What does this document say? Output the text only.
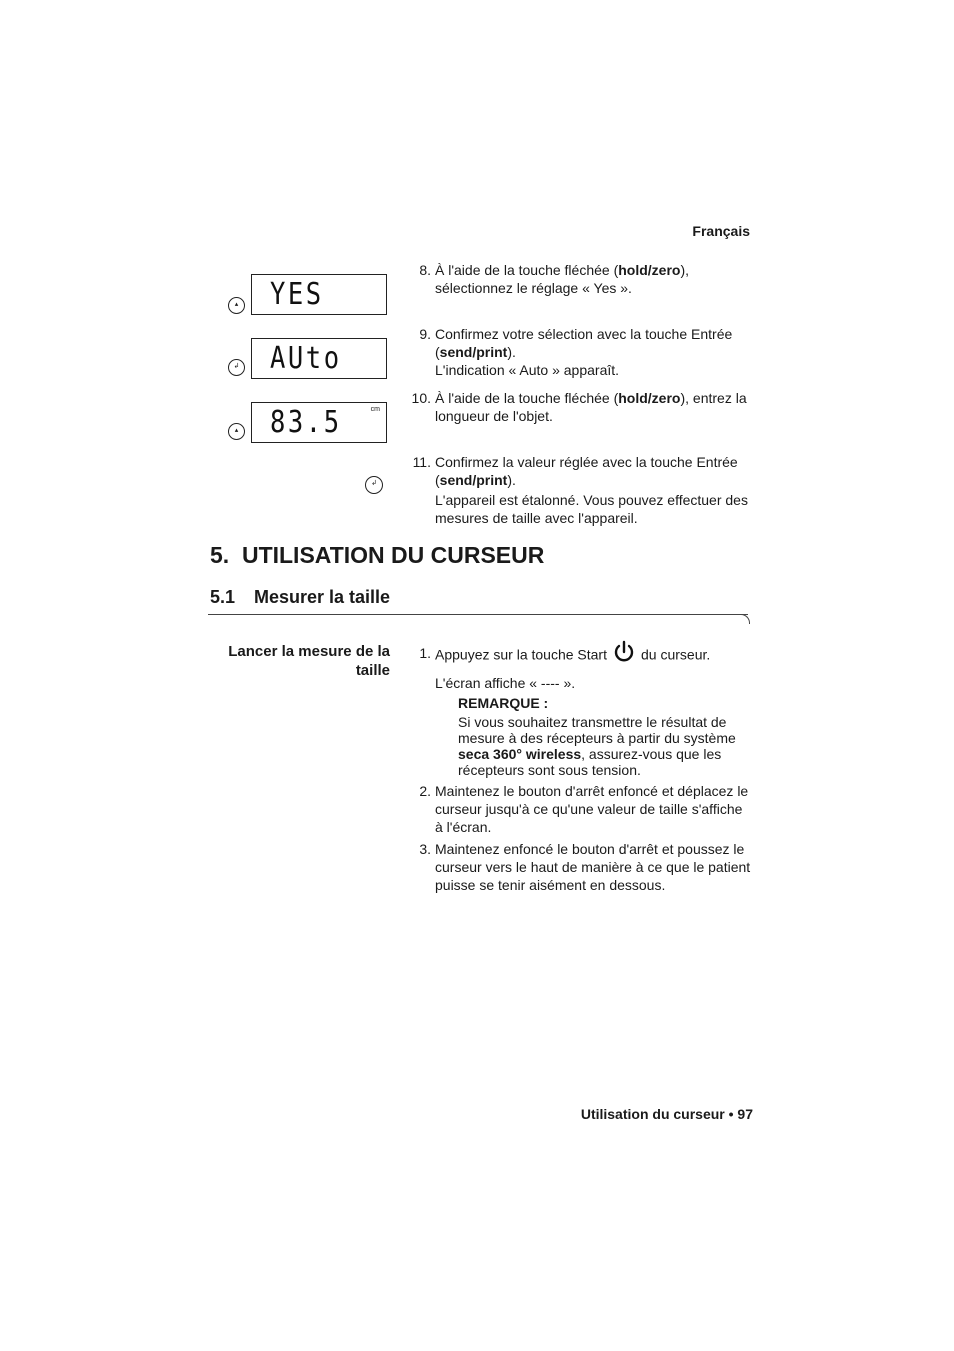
Français
YES
▴
AUto
↲
83.5	cm
▴
↲
8. À l'aide de la touche fléchée (hold/zero), sélectionnez le réglage « Yes ».

9. Confirmez votre sélection avec la touche Entrée (send/print).

L'indication « Auto » apparaît.

10. À l'aide de la touche fléchée (hold/zero), entrez la longueur de l'objet.

11. Confirmez la valeur réglée avec la touche Entrée (send/print).

L'appareil est étalonné. Vous pouvez effectuer des mesures de taille avec l'appareil.

5.  UTILISATION DU CURSEUR
5.1 Mesurer la taille
Lancer la mesure de la taille
1. Appuyez sur la touche Start du curseur.

L'écran affiche « ---- ».

REMARQUE :
Si vous souhaitez transmettre le résultat de mesure à des récepteurs à partir du système seca 360° wireless, assurez-vous que les récepteurs sont sous tension.
2. Maintenez le bouton d'arrêt enfoncé et déplacez le curseur jusqu'à ce qu'une valeur de taille s'affiche à l'écran.

3. Maintenez enfoncé le bouton d'arrêt et poussez le curseur vers le haut de manière à ce que le patient puisse se tenir aisément en dessous.

Utilisation du curseur • 97
